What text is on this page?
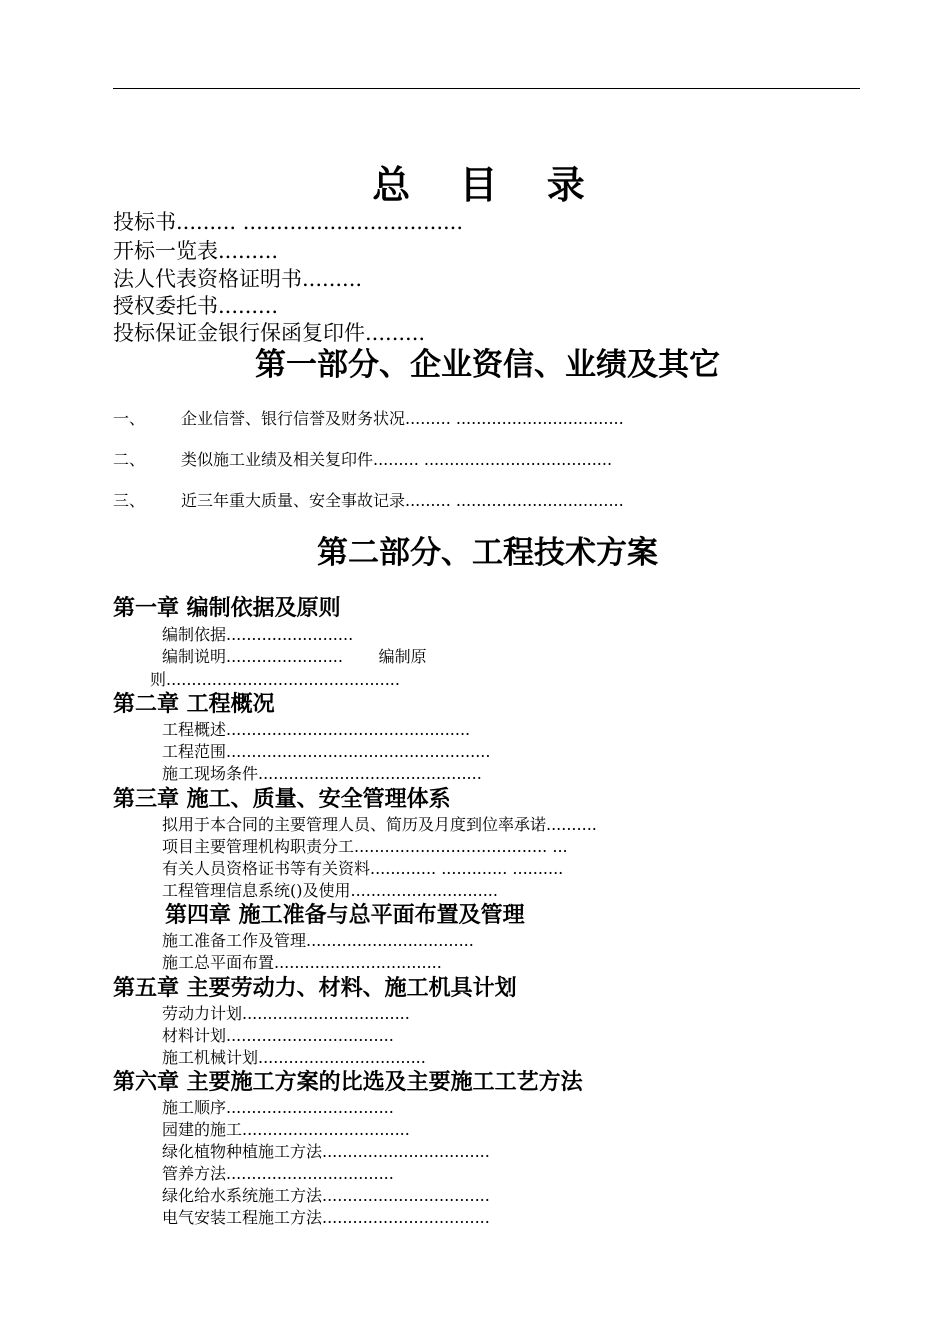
总 目 录
投标书......... .................................
开标一览表.........
法人代表资格证明书.........
授权委托书.........
投标保证金银行保函复印件.........
第一部分、企业资信、业绩及其它
一、 企业信誉、银行信誉及财务状况......... .................................
二、 类似施工业绩及相关复印件......... .....................................
三、 近三年重大质量、安全事故记录......... .................................
第二部分、工程技术方案
第一章 编制依据及原则
编制依据.........................
编制说明.......................       编制原
则..............................................
第二章 工程概况
工程概述................................................
工程范围....................................................
施工现场条件............................................
第三章 施工、质量、安全管理体系
拟用于本合同的主要管理人员、简历及月度到位率承诺..........
项目主要管理机构职责分工...................................... ...
有关人员资格证书等有关资料............. ............. ..........
工程管理信息系统()及使用.............................
第四章 施工准备与总平面布置及管理
施工准备工作及管理.................................
施工总平面布置.................................
第五章 主要劳动力、材料、施工机具计划
劳动力计划.................................
材料计划.................................
施工机械计划.................................
第六章 主要施工方案的比选及主要施工工艺方法
施工顺序.................................
园建的施工.................................
绿化植物种植施工方法.................................
管养方法.................................
绿化给水系统施工方法.................................
电气安装工程施工方法.................................
